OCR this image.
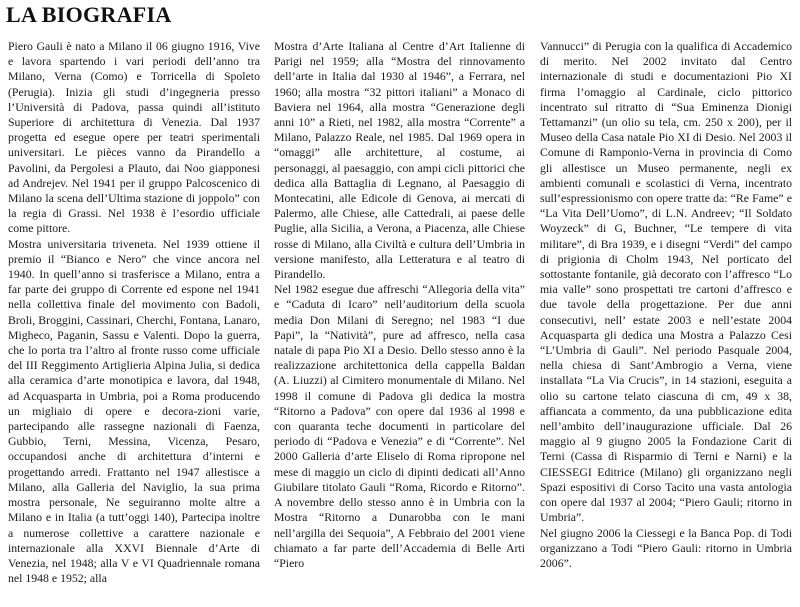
LA BIOGRAFIA

Piero Gauli è nato a Milano il 06 giugno 1916, Vive e lavora spartendo i vari periodi dell’anno tra Milano, Verna (Como) e Torricella di Spoleto (Perugia). Inizia gli studi d’ingegneria presso l’Università di Padova, passa quindi all’istituto Superiore di architettura di Venezia. Dal 1937 progetta ed esegue opere per teatri sperimentali universitari. Le pièces vanno da Pirandello a Pavolini, da Pergolesi a Plauto, dai Noo giapponesi ad Andrejev. Nel 1941 per il gruppo Palcoscenico di Milano la scena dell’Ultima stazione di joppolo” con la regia di Grassi. Nel 1938 è l’esordio ufficiale come pittore.

Mostra universitaria triveneta. Nel 1939 ottiene il premio il “Bianco e Nero” che vince ancora nel 1940. In quell’anno si trasferisce a Milano, entra a far parte dei gruppo di Corrente ed espone nel 1941 nella collettiva finale del movimento con Badoli, Broli, Broggini, Cassinari, Cherchi, Fontana, Lanaro, Migheco, Paganin, Sassu e Valenti. Dopo la guerra, che lo porta tra l’altro al fronte russo come ufficiale del III Reggimento Artiglieria Alpina Julia, si dedica alla ceramica d’arte monotipica e lavora, dal 1948, ad Acquasparta in Umbria, poi a Roma producendo un migliaio di opere e decora-zioni varie, partecipando alle rassegne nazionali di Faenza, Gubbio, Terni, Messina, Vicenza, Pesaro, occupandosi anche di architettura d’interni e progettando arredi. Frattanto nel 1947 allestisce a Milano, alla Galleria del Naviglio, la sua prima mostra personale, Ne seguiranno molte altre a Milano e in Italia (a tutt’oggi 140), Partecipa inoltre a numerose collettive a carattere nazionale e internazionale alla XXVI Biennale d’Arte di Venezia, nel 1948; alla V e VI Quadriennale romana nel 1948 e 1952; alla

Mostra d’Arte Italiana al Centre d’Art Italienne di Parigi nel 1959; alla “Mostra del rinnovamento dell’arte in Italia dal 1930 al 1946”, a Ferrara, nel 1960; alla mostra “32 pittori italiani” a Monaco di Baviera nel 1964, alla mostra “Generazione degli anni 10” a Rieti, nel 1982, alla mostra “Corrente” a Milano, Palazzo Reale, nel 1985. Dal 1969 opera in “omaggi” alle architetture, al costume, ai personaggi, al paesaggio, con ampi cicli pittorici che dedica alla Battaglia di Legnano, al Paesaggio di Montecatini, alle Edicole di Genova, ai mercati di Palermo, alle Chiese, alle Cattedrali, ai paese delle Puglie, alla Sicilia, a Verona, a Piacenza, alle Chiese rosse di Milano, alla Civiltà e cultura dell’Umbria in versione manifesto, alla Letteratura e al teatro di Pirandello.

Nel 1982 esegue due affreschi “Allegoria della vita” e “Caduta di Icaro” nell’auditorium della scuola media Don Milani di Seregno; nel 1983 “I due Papi”, la “Natività”, pure ad affresco, nella casa natale di papa Pio XI a Desio. Dello stesso anno è la realizzazione architettonica della cappella Baldan (A. Liuzzi) al Cimitero monumentale di Milano. Nel 1998 il comune di Padova gli dedica la mostra “Ritorno a Padova” con opere dal 1936 al 1998 e con quaranta teche documenti in particolare del periodo di “Padova e Venezia” e di “Corrente”. Nel 2000 Galleria d’arte Eliselo di Roma ripropone nel mese di maggio un ciclo di dipinti dedicati all’Anno Giubilare titolato Gauli “Roma, Ricordo e Ritorno”. A novembre dello stesso anno è in Umbria con la Mostra “Ritorno a Dunarobba con le mani nell’argilla dei Sequoia”, A Febbraio del 2001 viene chiamato a far parte dell’Accademia di Belle Arti “Piero

Vannucci” di Perugia con la qualifica di Accademico di merito. Nel 2002 invitato dal Centro internazionale di studi e documentazioni Pio XI firma l’omaggio al Cardinale, ciclo pittorico incentrato sul ritratto di “Sua Eminenza Dionigi Tettamanzi” (un olio su tela, cm. 250 x 200), per il Museo della Casa natale Pio XI di Desio. Nel 2003 il Comune di Ramponio-Verna in provincia di Como gli allestisce un Museo permanente, negli ex ambienti comunali e scolastici di Verna, incentrato sull’espressionismo con opere tratte da: “Re Fame” e “La Vita Dell’Uomo”, di L.N. Andreev; “Il Soldato Woyzeck” di G, Buchner, “Le tempere di vita militare”, di Bra 1939, e i disegni “Verdi” del campo di prigionia di Cholm 1943, Nel porticato del sottostante fontanile, già decorato con l’affresco “Lo mia valle” sono prospettati tre cartoni d’affresco e due tavole della progettazione. Per due anni consecutivi, nell’ estate 2003 e nell’estate 2004 Acquasparta gli dedica una Mostra a Palazzo Cesi “L’Umbria di Gauli”. Nel periodo Pasquale 2004, nella chiesa di Sant’Ambrogio a Verna, viene installata “La Via Crucis”, in 14 stazioni, eseguita a olio su cartone telato ciascuna di cm, 49 x 38, affiancata a commento, da una pubblicazione edita nell’ambito dell’inaugurazione ufficiale. Dal 26 maggio al 9 giugno 2005 la Fondazione Carit di Terni (Cassa di Risparmio di Terni e Narni) e la CIESSEGI Editrice (Milano) gli organizzano negli Spazi espositivi di Corso Tacito una vasta antologia con opere dal 1937 al 2004; “Piero Gauli; ritorno in Umbria”.

Nel giugno 2006 la Ciessegi e la Banca Pop. di Todi organizzano a Todi “Piero Gauli: ritorno in Umbria 2006”.
